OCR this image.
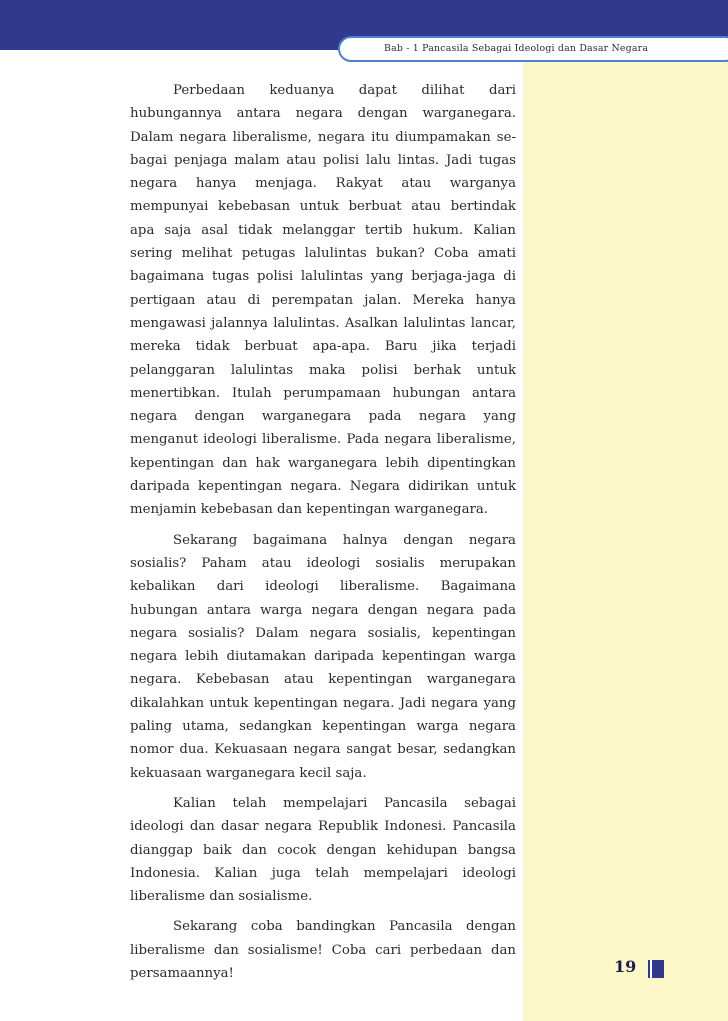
Bab - 1 Pancasila Sebagai Ideologi dan Dasar Negara

Perbedaan keduanya dapat dilihat dari hubungannya antara negara dengan warganegara. Dalam negara liberalisme, negara itu diumpamakan se-bagai penjaga malam atau polisi lalu lintas. Jadi tugas negara hanya menjaga. Rakyat atau warganya mempunyai kebebasan untuk berbuat atau bertindak apa saja asal tidak melanggar tertib hukum. Kalian sering melihat petugas lalulintas bukan? Coba amati bagaimana tugas polisi lalulintas yang berjaga-jaga di pertigaan atau di perempatan jalan. Mereka hanya mengawasi jalannya lalulintas. Asalkan lalulintas lancar, mereka tidak berbuat apa-apa. Baru jika terjadi pelanggaran lalulintas maka polisi berhak untuk menertibkan. Itulah perumpamaan hubungan antara negara dengan warganegara pada negara yang menganut ideologi liberalisme. Pada negara liberalisme, kepentingan dan hak warganegara lebih dipentingkan daripada kepentingan negara. Negara didirikan untuk menjamin kebebasan dan kepentingan warganegara.

Sekarang bagaimana halnya dengan negara sosialis? Paham atau ideologi sosialis merupakan kebalikan dari ideologi liberalisme. Bagaimana hubungan antara warga negara dengan negara pada negara sosialis? Dalam negara sosialis, kepentingan negara lebih diutamakan daripada kepentingan warga negara. Kebebasan atau kepentingan warganegara dikalahkan untuk kepentingan negara. Jadi negara yang paling utama, sedangkan kepentingan warga negara nomor dua. Kekuasaan negara sangat besar, sedangkan kekuasaan warganegara kecil saja.

Kalian telah mempelajari Pancasila sebagai ideologi dan dasar negara Republik Indonesi. Pancasila dianggap baik dan cocok dengan kehidupan bangsa Indonesia. Kalian juga telah mempelajari ideologi liberalisme dan sosialisme.

Sekarang coba bandingkan Pancasila dengan liberalisme dan sosialisme! Coba cari perbedaan dan persamaannya!	19
